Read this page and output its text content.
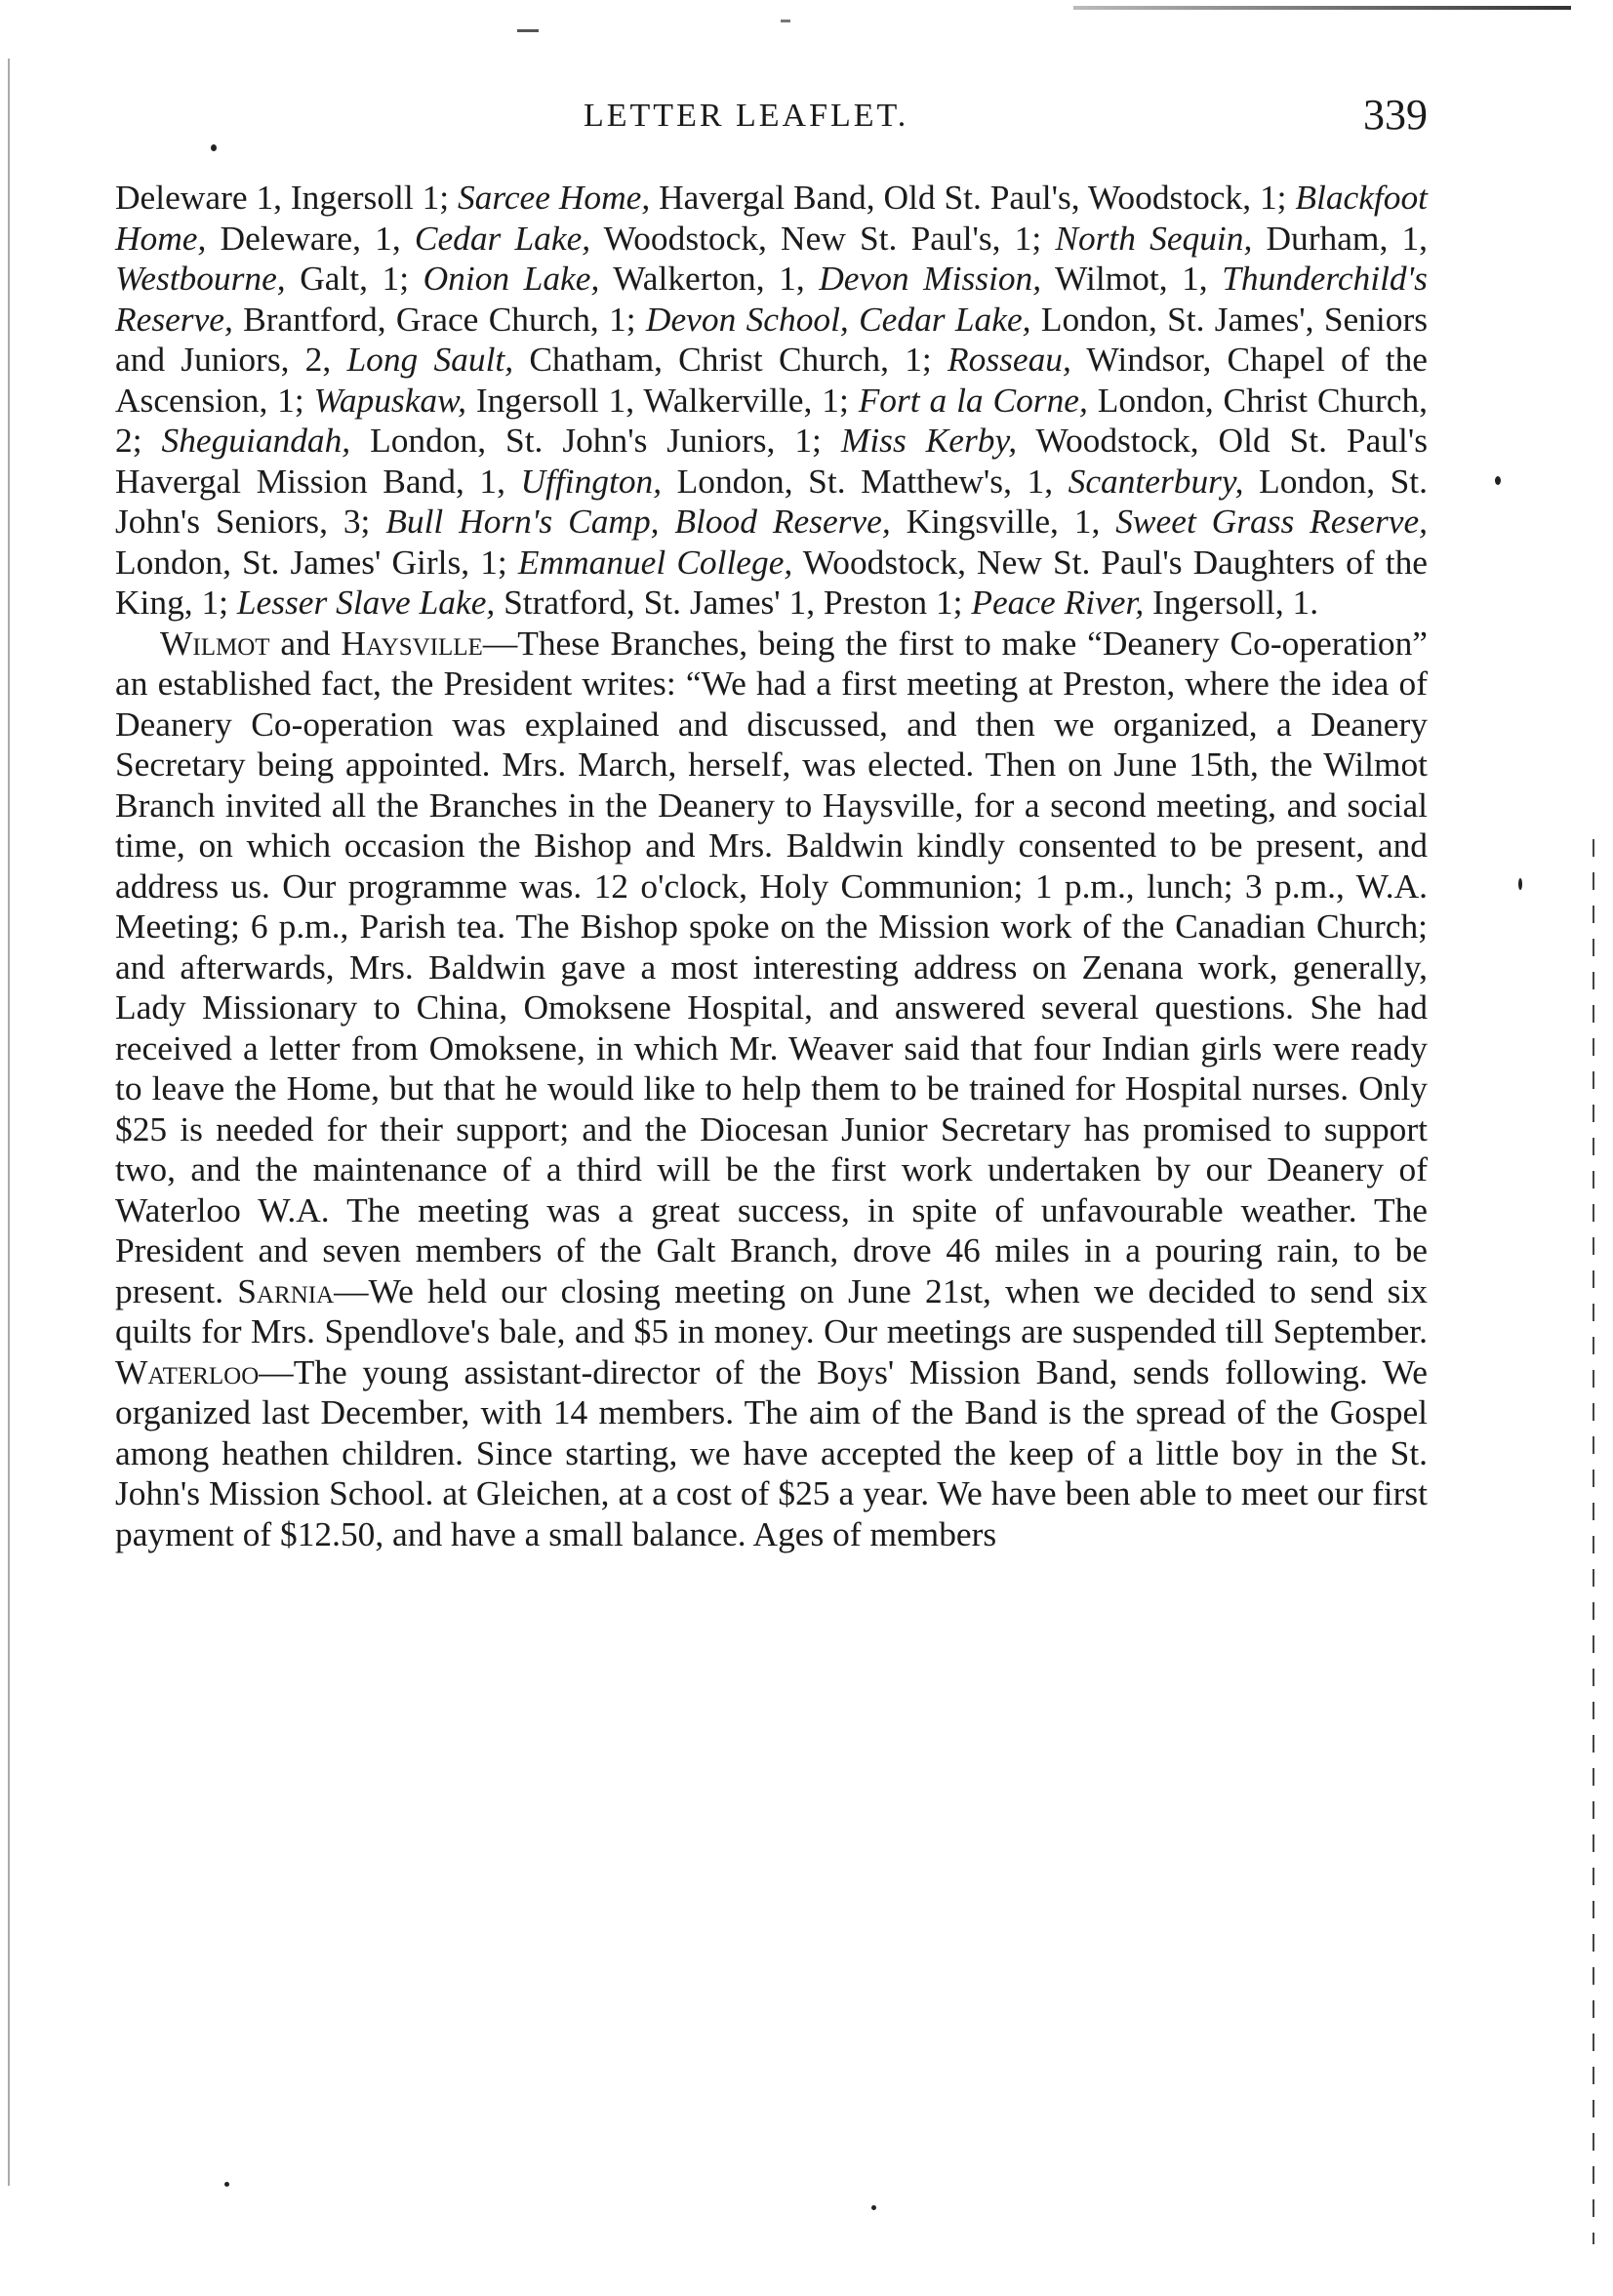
LETTER LEAFLET.	339

Deleware 1, Ingersoll 1; Sarcee Home, Havergal Band, Old St. Paul's, Woodstock, 1; Blackfoot Home, Deleware, 1, Cedar Lake, Woodstock, New St. Paul's, 1; North Sequin, Durham, 1, Westbourne, Galt, 1; Onion Lake, Walkerton, 1, Devon Mission, Wilmot, 1, Thunderchild's Reserve, Brantford, Grace Church, 1; Devon School, Cedar Lake, London, St. James', Seniors and Juniors, 2, Long Sault, Chatham, Christ Church, 1; Rosseau, Windsor, Chapel of the Ascension, 1; Wapuskaw, Ingersoll 1, Walkerville, 1; Fort a la Corne, London, Christ Church, 2; Sheguiandah, London, St. John's Juniors, 1; Miss Kerby, Woodstock, Old St. Paul's Havergal Mission Band, 1, Uffington, London, St. Matthew's, 1, Scanterbury, London, St. John's Seniors, 3; Bull Horn's Camp, Blood Reserve, Kingsville, 1, Sweet Grass Reserve, London, St. James' Girls, 1; Emmanuel College, Woodstock, New St. Paul's Daughters of the King, 1; Lesser Slave Lake, Stratford, St. James' 1, Preston 1; Peace River, Ingersoll, 1.

Wilmot and Haysville—These Branches, being the first to make “Deanery Co-operation” an established fact, the President writes: “We had a first meeting at Preston, where the idea of Deanery Co-operation was explained and discussed, and then we organized, a Deanery Secretary being appointed. Mrs. March, herself, was elected. Then on June 15th, the Wilmot Branch invited all the Branches in the Deanery to Haysville, for a second meeting, and social time, on which occasion the Bishop and Mrs. Baldwin kindly consented to be present, and address us. Our programme was. 12 o'clock, Holy Communion; 1 p.m., lunch; 3 p.m., W.A. Meeting; 6 p.m., Parish tea. The Bishop spoke on the Mission work of the Canadian Church; and afterwards, Mrs. Baldwin gave a most interesting address on Zenana work, generally, Lady Missionary to China, Omoksene Hospital, and answered several questions. She had received a letter from Omoksene, in which Mr. Weaver said that four Indian girls were ready to leave the Home, but that he would like to help them to be trained for Hospital nurses. Only $25 is needed for their support; and the Diocesan Junior Secretary has promised to support two, and the maintenance of a third will be the first work undertaken by our Deanery of Waterloo W.A. The meeting was a great success, in spite of unfavourable weather. The President and seven members of the Galt Branch, drove 46 miles in a pouring rain, to be present. Sarnia—We held our closing meeting on June 21st, when we decided to send six quilts for Mrs. Spendlove's bale, and $5 in money. Our meetings are suspended till September. Waterloo—The young assistant-director of the Boys' Mission Band, sends following. We organized last December, with 14 members. The aim of the Band is the spread of the Gospel among heathen children. Since starting, we have accepted the keep of a little boy in the St. John's Mission School. at Gleichen, at a cost of $25 a year. We have been able to meet our first payment of $12.50, and have a small balance. Ages of members
